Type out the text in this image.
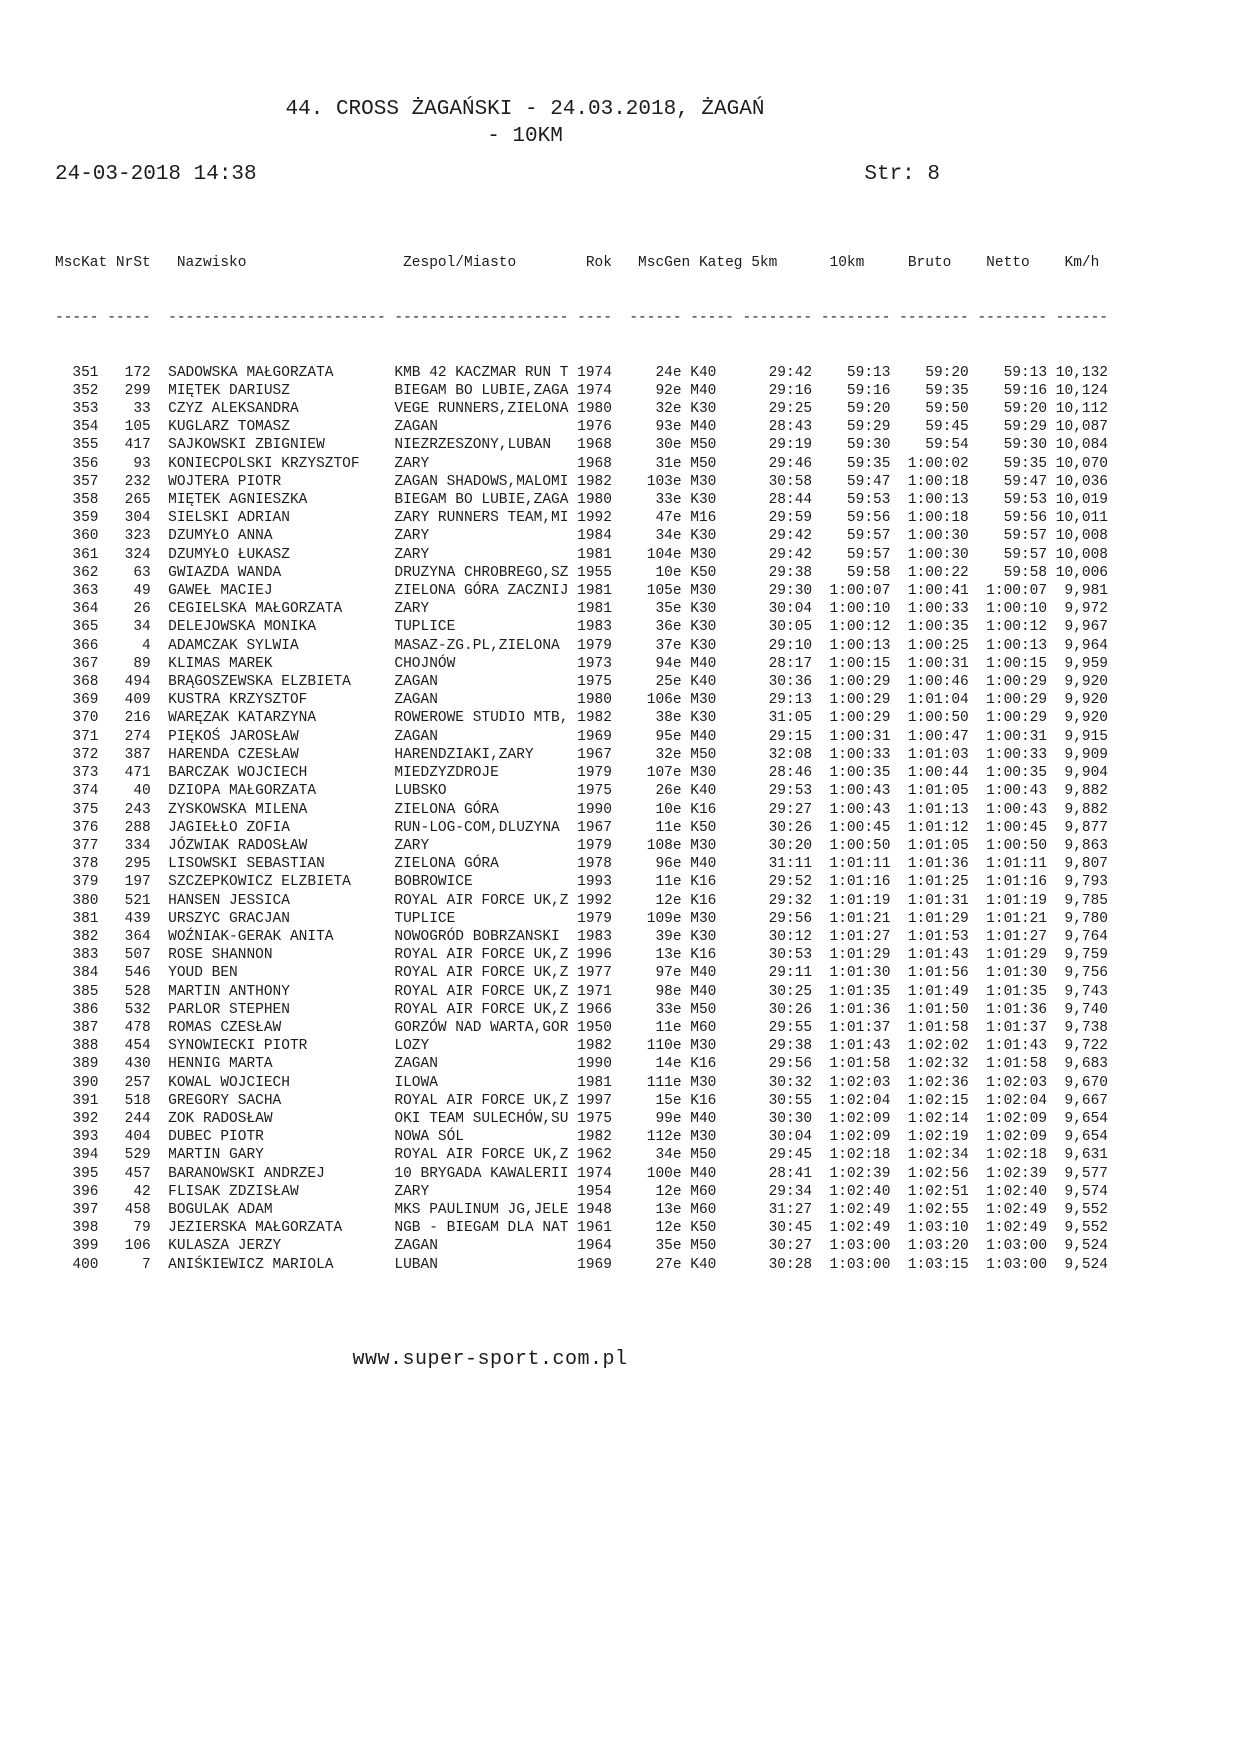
44. CROSS ŻAGAŃSKI - 24.03.2018, ŻAGAŃ
- 10KM
24-03-2018 14:38	Str: 8

MscKat NrSt   Nazwisko                  Zespol/Miasto        Rok   MscGen Kateg 5km      10km     Bruto    Netto    Km/h

----- -----  ------------------------- -------------------- ----  ------ ----- -------- -------- -------- -------- ------

351   172  SADOWSKA MAŁGORZATA       KMB 42 KACZMAR RUN T 1974     24e K40      29:42    59:13    59:20    59:13 10,132
352   299  MIĘTEK DARIUSZ            BIEGAM BO LUBIE,ZAGA 1974     92e M40      29:16    59:16    59:35    59:16 10,124
353    33  CZYZ ALEKSANDRA           VEGE RUNNERS,ZIELONA 1980     32e K30      29:25    59:20    59:50    59:20 10,112
354   105  KUGLARZ TOMASZ            ZAGAN                1976     93e M40      28:43    59:29    59:45    59:29 10,087
355   417  SAJKOWSKI ZBIGNIEW        NIEZRZESZONY,LUBAN   1968     30e M50      29:19    59:30    59:54    59:30 10,084
356    93  KONIECPOLSKI KRZYSZTOF    ZARY                 1968     31e M50      29:46    59:35  1:00:02    59:35 10,070
357   232  WOJTERA PIOTR             ZAGAN SHADOWS,MALOMI 1982    103e M30      30:58    59:47  1:00:18    59:47 10,036
358   265  MIĘTEK AGNIESZKA          BIEGAM BO LUBIE,ZAGA 1980     33e K30      28:44    59:53  1:00:13    59:53 10,019
359   304  SIELSKI ADRIAN            ZARY RUNNERS TEAM,MI 1992     47e M16      29:59    59:56  1:00:18    59:56 10,011
360   323  DZUMYŁO ANNA              ZARY                 1984     34e K30      29:42    59:57  1:00:30    59:57 10,008
361   324  DZUMYŁO ŁUKASZ            ZARY                 1981    104e M30      29:42    59:57  1:00:30    59:57 10,008
362    63  GWIAZDA WANDA             DRUZYNA CHROBREGO,SZ 1955     10e K50      29:38    59:58  1:00:22    59:58 10,006
363    49  GAWEŁ MACIEJ              ZIELONA GÓRA ZACZNIJ 1981    105e M30      29:30  1:00:07  1:00:41  1:00:07  9,981
364    26  CEGIELSKA MAŁGORZATA      ZARY                 1981     35e K30      30:04  1:00:10  1:00:33  1:00:10  9,972
365    34  DELEJOWSKA MONIKA         TUPLICE              1983     36e K30      30:05  1:00:12  1:00:35  1:00:12  9,967
366     4  ADAMCZAK SYLWIA           MASAZ-ZG.PL,ZIELONA  1979     37e K30      29:10  1:00:13  1:00:25  1:00:13  9,964
367    89  KLIMAS MAREK              CHOJNÓW              1973     94e M40      28:17  1:00:15  1:00:31  1:00:15  9,959
368   494  BRĄGOSZEWSKA ELZBIETA     ZAGAN                1975     25e K40      30:36  1:00:29  1:00:46  1:00:29  9,920
369   409  KUSTRA KRZYSZTOF          ZAGAN                1980    106e M30      29:13  1:00:29  1:01:04  1:00:29  9,920
370   216  WARĘZAK KATARZYNA         ROWEROWE STUDIO MTB, 1982     38e K30      31:05  1:00:29  1:00:50  1:00:29  9,920
371   274  PIĘKOŚ JAROSŁAW           ZAGAN                1969     95e M40      29:15  1:00:31  1:00:47  1:00:31  9,915
372   387  HARENDA CZESŁAW           HARENDZIAKI,ZARY     1967     32e M50      32:08  1:00:33  1:01:03  1:00:33  9,909
373   471  BARCZAK WOJCIECH          MIEDZYZDROJE         1979    107e M30      28:46  1:00:35  1:00:44  1:00:35  9,904
374    40  DZIOPA MAŁGORZATA         LUBSKO               1975     26e K40      29:53  1:00:43  1:01:05  1:00:43  9,882
375   243  ZYSKOWSKA MILENA          ZIELONA GÓRA         1990     10e K16      29:27  1:00:43  1:01:13  1:00:43  9,882
376   288  JAGIEŁŁO ZOFIA            RUN-LOG-COM,DLUZYNA  1967     11e K50      30:26  1:00:45  1:01:12  1:00:45  9,877
377   334  JÓZWIAK RADOSŁAW          ZARY                 1979    108e M30      30:20  1:00:50  1:01:05  1:00:50  9,863
378   295  LISOWSKI SEBASTIAN        ZIELONA GÓRA         1978     96e M40      31:11  1:01:11  1:01:36  1:01:11  9,807
379   197  SZCZEPKOWICZ ELZBIETA     BOBROWICE            1993     11e K16      29:52  1:01:16  1:01:25  1:01:16  9,793
380   521  HANSEN JESSICA            ROYAL AIR FORCE UK,Z 1992     12e K16      29:32  1:01:19  1:01:31  1:01:19  9,785
381   439  URSZYC GRACJAN            TUPLICE              1979    109e M30      29:56  1:01:21  1:01:29  1:01:21  9,780
382   364  WOŹNIAK-GERAK ANITA       NOWOGRÓD BOBRZANSKI  1983     39e K30      30:12  1:01:27  1:01:53  1:01:27  9,764
383   507  ROSE SHANNON              ROYAL AIR FORCE UK,Z 1996     13e K16      30:53  1:01:29  1:01:43  1:01:29  9,759
384   546  YOUD BEN                  ROYAL AIR FORCE UK,Z 1977     97e M40      29:11  1:01:30  1:01:56  1:01:30  9,756
385   528  MARTIN ANTHONY            ROYAL AIR FORCE UK,Z 1971     98e M40      30:25  1:01:35  1:01:49  1:01:35  9,743
386   532  PARLOR STEPHEN            ROYAL AIR FORCE UK,Z 1966     33e M50      30:26  1:01:36  1:01:50  1:01:36  9,740
387   478  ROMAS CZESŁAW             GORZÓW NAD WARTA,GOR 1950     11e M60      29:55  1:01:37  1:01:58  1:01:37  9,738
388   454  SYNOWIECKI PIOTR          LOZY                 1982    110e M30      29:38  1:01:43  1:02:02  1:01:43  9,722
389   430  HENNIG MARTA              ZAGAN                1990     14e K16      29:56  1:01:58  1:02:32  1:01:58  9,683
390   257  KOWAL WOJCIECH            ILOWA                1981    111e M30      30:32  1:02:03  1:02:36  1:02:03  9,670
391   518  GREGORY SACHA             ROYAL AIR FORCE UK,Z 1997     15e K16      30:55  1:02:04  1:02:15  1:02:04  9,667
392   244  ZOK RADOSŁAW              OKI TEAM SULECHÓW,SU 1975     99e M40      30:30  1:02:09  1:02:14  1:02:09  9,654
393   404  DUBEC PIOTR               NOWA SÓL             1982    112e M30      30:04  1:02:09  1:02:19  1:02:09  9,654
394   529  MARTIN GARY               ROYAL AIR FORCE UK,Z 1962     34e M50      29:45  1:02:18  1:02:34  1:02:18  9,631
395   457  BARANOWSKI ANDRZEJ        10 BRYGADA KAWALERII 1974    100e M40      28:41  1:02:39  1:02:56  1:02:39  9,577
396    42  FLISAK ZDZISŁAW           ZARY                 1954     12e M60      29:34  1:02:40  1:02:51  1:02:40  9,574
397   458  BOGULAK ADAM              MKS PAULINUM JG,JELE 1948     13e M60      31:27  1:02:49  1:02:55  1:02:49  9,552
398    79  JEZIERSKA MAŁGORZATA      NGB - BIEGAM DLA NAT 1961     12e K50      30:45  1:02:49  1:03:10  1:02:49  9,552
399   106  KULASZA JERZY             ZAGAN                1964     35e M50      30:27  1:03:00  1:03:20  1:03:00  9,524
400     7  ANIŚKIEWICZ MARIOLA       LUBAN                1969     27e K40      30:28  1:03:00  1:03:15  1:03:00  9,524

www.super-sport.com.pl
